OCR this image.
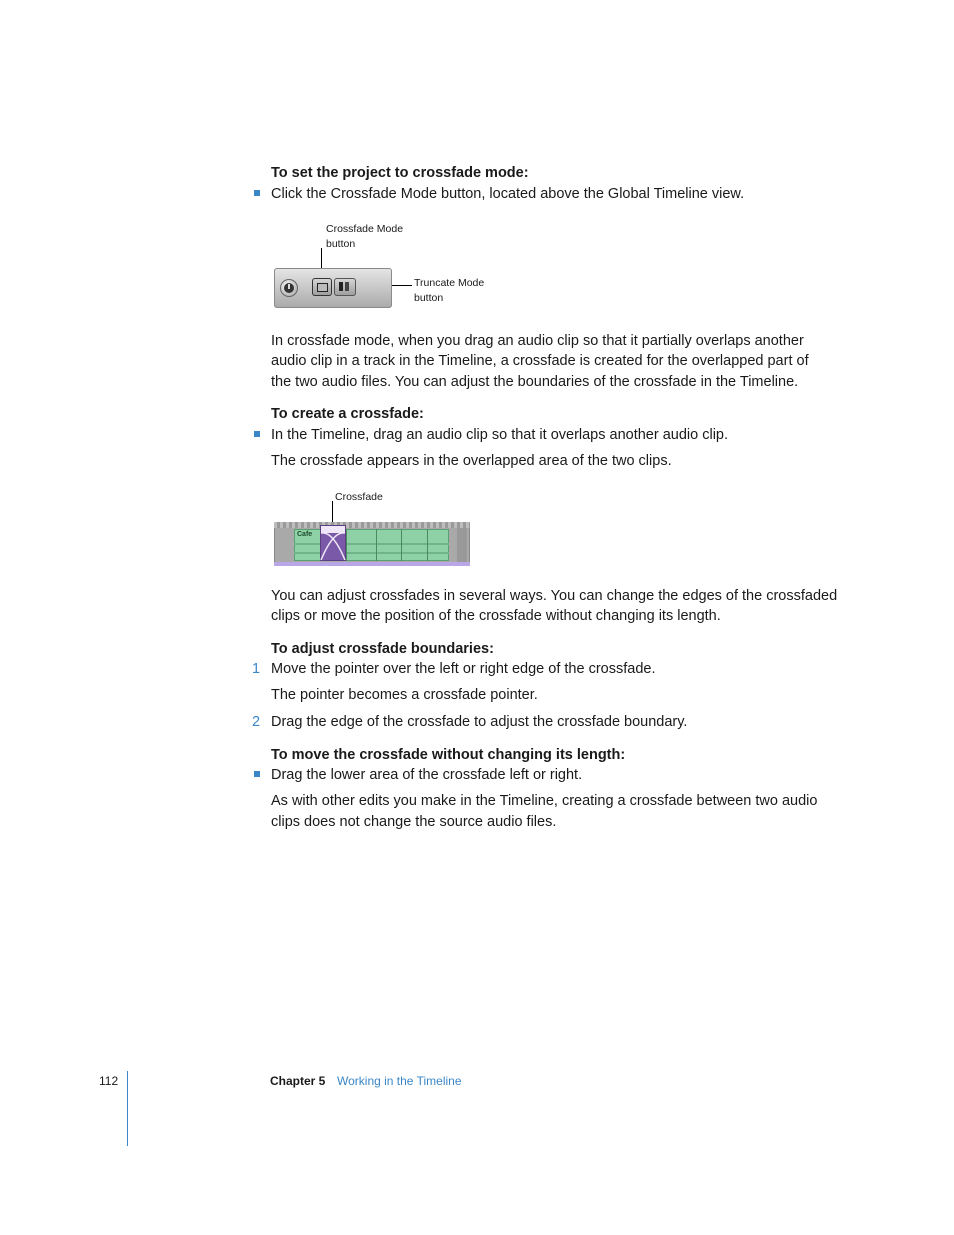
To set the project to crossfade mode:
Click the Crossfade Mode button, located above the Global Timeline view.
Crossfade Mode
button
Truncate Mode
button
In crossfade mode, when you drag an audio clip so that it partially overlaps another
audio clip in a track in the Timeline, a crossfade is created for the overlapped part of
the two audio files. You can adjust the boundaries of the crossfade in the Timeline.
To create a crossfade:
In the Timeline, drag an audio clip so that it overlaps another audio clip.
The crossfade appears in the overlapped area of the two clips.
Crossfade
Cafe
You can adjust crossfades in several ways. You can change the edges of the crossfaded
clips or move the position of the crossfade without changing its length.
To adjust crossfade boundaries:
1 Move the pointer over the left or right edge of the crossfade.
The pointer becomes a crossfade pointer.
2 Drag the edge of the crossfade to adjust the crossfade boundary.
To move the crossfade without changing its length:
Drag the lower area of the crossfade left or right.
As with other edits you make in the Timeline, creating a crossfade between two audio
clips does not change the source audio files.
112	Chapter 5 Working in the Timeline
